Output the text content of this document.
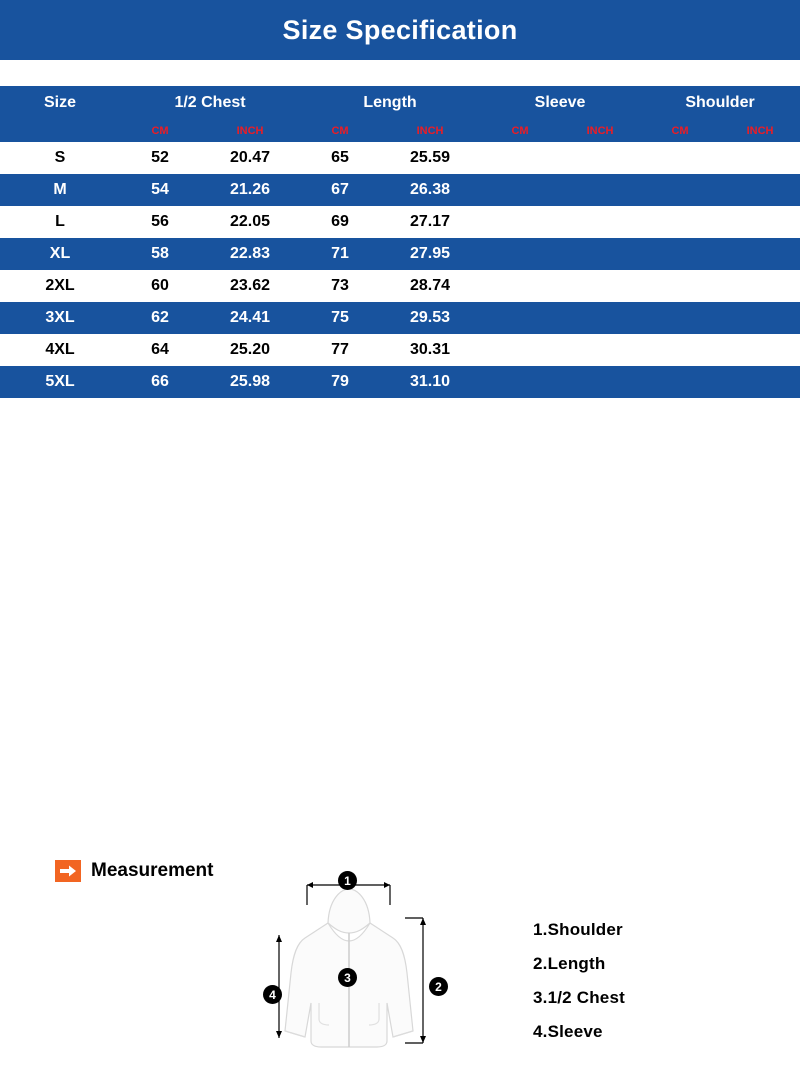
Size Specification
Size	1/2 Chest		Length		Sleeve		Shoulder	
	CM	INCH	CM	INCH	CM	INCH	CM	INCH
S	52	20.47	65	25.59				
M	54	21.26	67	26.38				
L	56	22.05	69	27.17				
XL	58	22.83	71	27.95				
2XL	60	23.62	73	28.74				
3XL	62	24.41	75	29.53				
4XL	64	25.20	77	30.31				
5XL	66	25.98	79	31.10				
Measurement	1
2
3
4
1.Shoulder
2.Length
3.1/2 Chest
4.Sleeve
